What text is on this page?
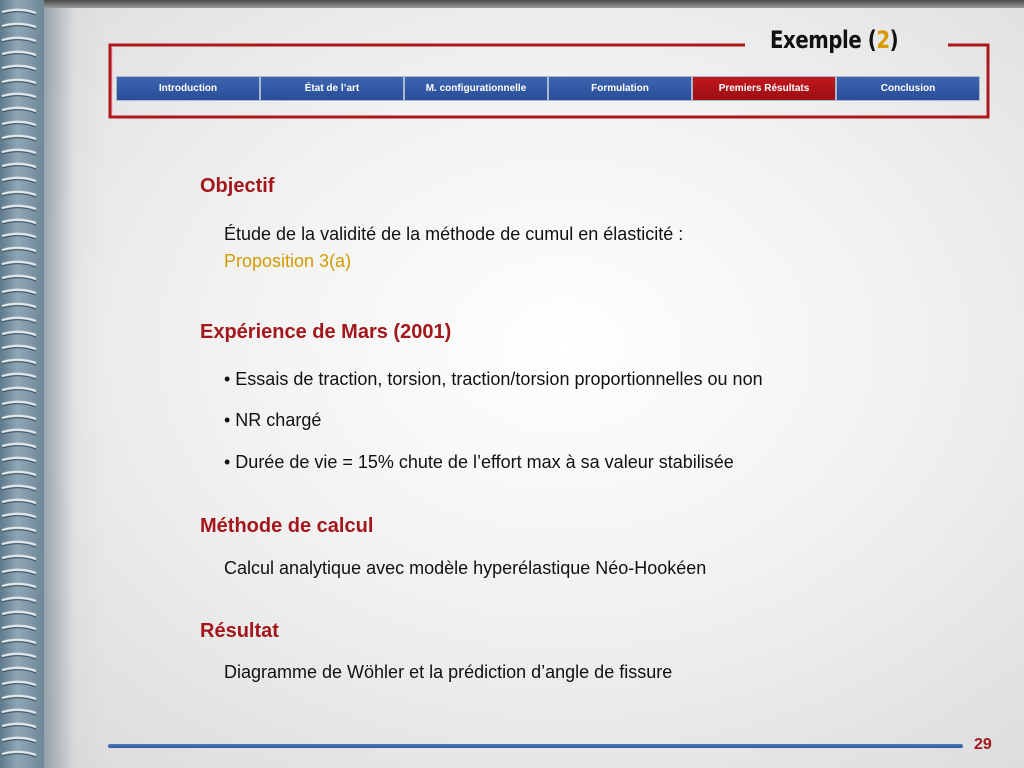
Exemple (2)
Introduction	État de l’art	M. configurationnelle	Formulation	Premiers Résultats	Conclusion
Objectif
Étude de la validité de la méthode de cumul en élasticité :
Proposition 3(a)
Expérience de Mars (2001)
• Essais de traction, torsion, traction/torsion proportionnelles ou non
• NR chargé
• Durée de vie = 15% chute de l’effort max à sa valeur stabilisée
Méthode de calcul
Calcul analytique avec modèle hyperélastique Néo-Hookéen
Résultat
Diagramme de Wöhler et la prédiction d’angle de fissure
29
